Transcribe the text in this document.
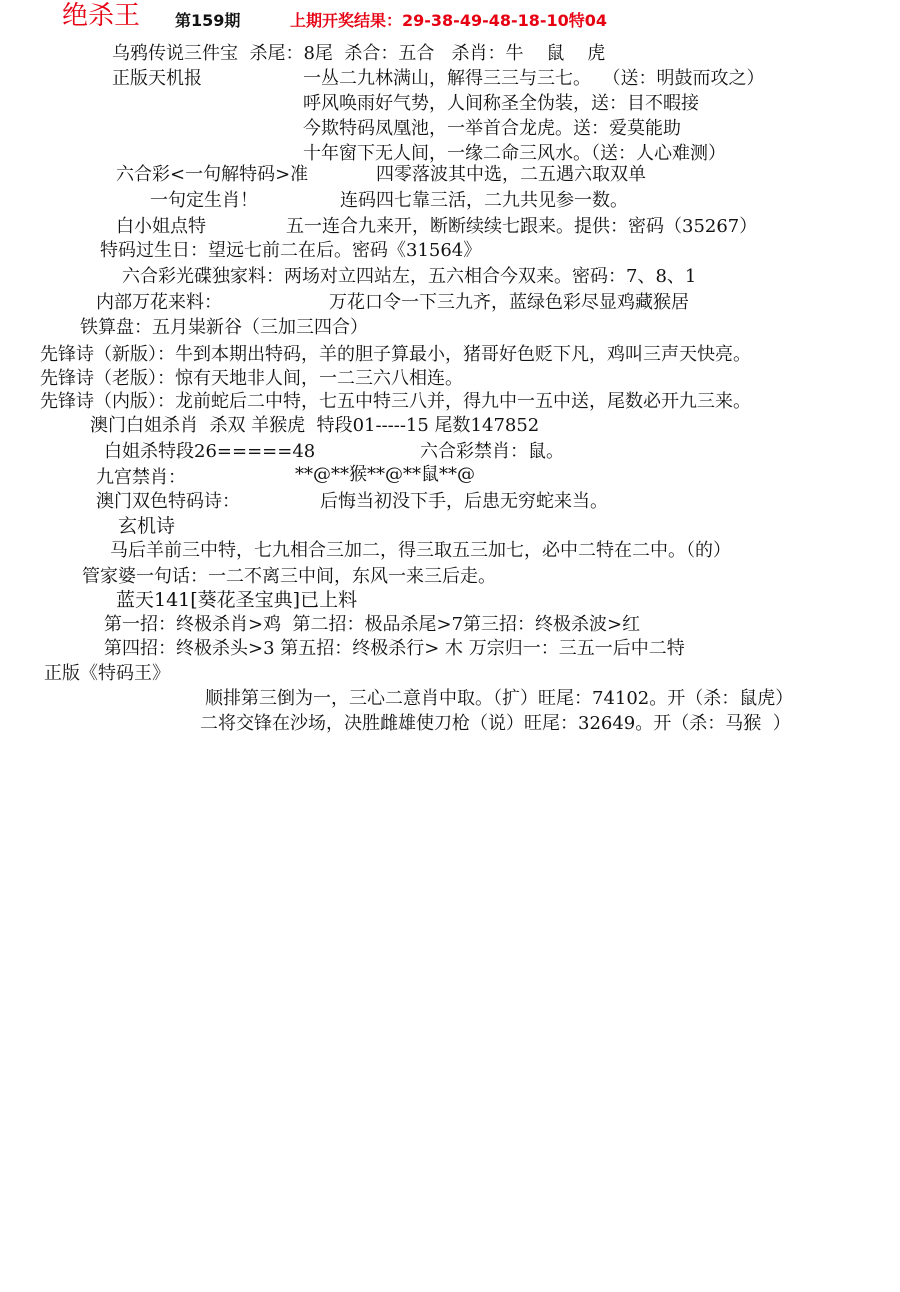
绝杀王 第159期	上期开奖结果：29-38-49-48-18-10特04
乌鸦传说三件宝  杀尾：8尾  杀合：五合   杀肖：牛    鼠    虎
正版天机报	一丛二九林满山，解得三三与三七。  （送：明鼓而攻之）
呼风唤雨好气势，人间称圣全伪装，送：目不暇接
今欺特码凤凰池，一举首合龙虎。送：爱莫能助
十年窗下无人间，一缘二命三风水。（送：人心难测）
六合彩<一句解特码>准	四零落波其中选，二五遇六取双单
一句定生肖！	连码四七靠三活，二九共见参一数。
白小姐点特	五一连合九来开，断断续续七跟来。提供：密码（35267）
特码过生日：望远七前二在后。密码《31564》
六合彩光碟独家料：两场对立四站左，五六相合今双来。密码：7、8、1
内部万花来料：	万花口令一下三九齐，蓝绿色彩尽显鸡藏猴居
铁算盘：五月粜新谷（三加三四合）
先锋诗（新版）：牛到本期出特码，羊的胆子算最小，猪哥好色贬下凡，鸡叫三声天快亮。
先锋诗（老版）：惊有天地非人间，一二三六八相连。
先锋诗（内版）：龙前蛇后二中特，七五中特三八并，得九中一五中送，尾数必开九三来。
澳门白姐杀肖  杀双 羊猴虎  特段01-----15 尾数147852
白姐杀特段26=====48	六合彩禁肖：鼠。
九宫禁肖：	**@**猴**@**鼠**@
澳门双色特码诗：	后悔当初没下手，后患无穷蛇来当。
玄机诗
马后羊前三中特，七九相合三加二，得三取五三加七，必中二特在二中。（的）
管家婆一句话：一二不离三中间，东风一来三后走。
蓝天141[葵花圣宝典]已上料
第一招：终极杀肖>鸡  第二招：极品杀尾>7第三招：终极杀波>红
第四招：终极杀头>3 第五招：终极杀行> 木 万宗归一：三五一后中二特
正版《特码王》
顺排第三倒为一，三心二意肖中取。（扩）旺尾：74102。开（杀：鼠虎）
二将交锋在沙场，决胜雌雄使刀枪（说）旺尾：32649。开（杀：马猴  ）
